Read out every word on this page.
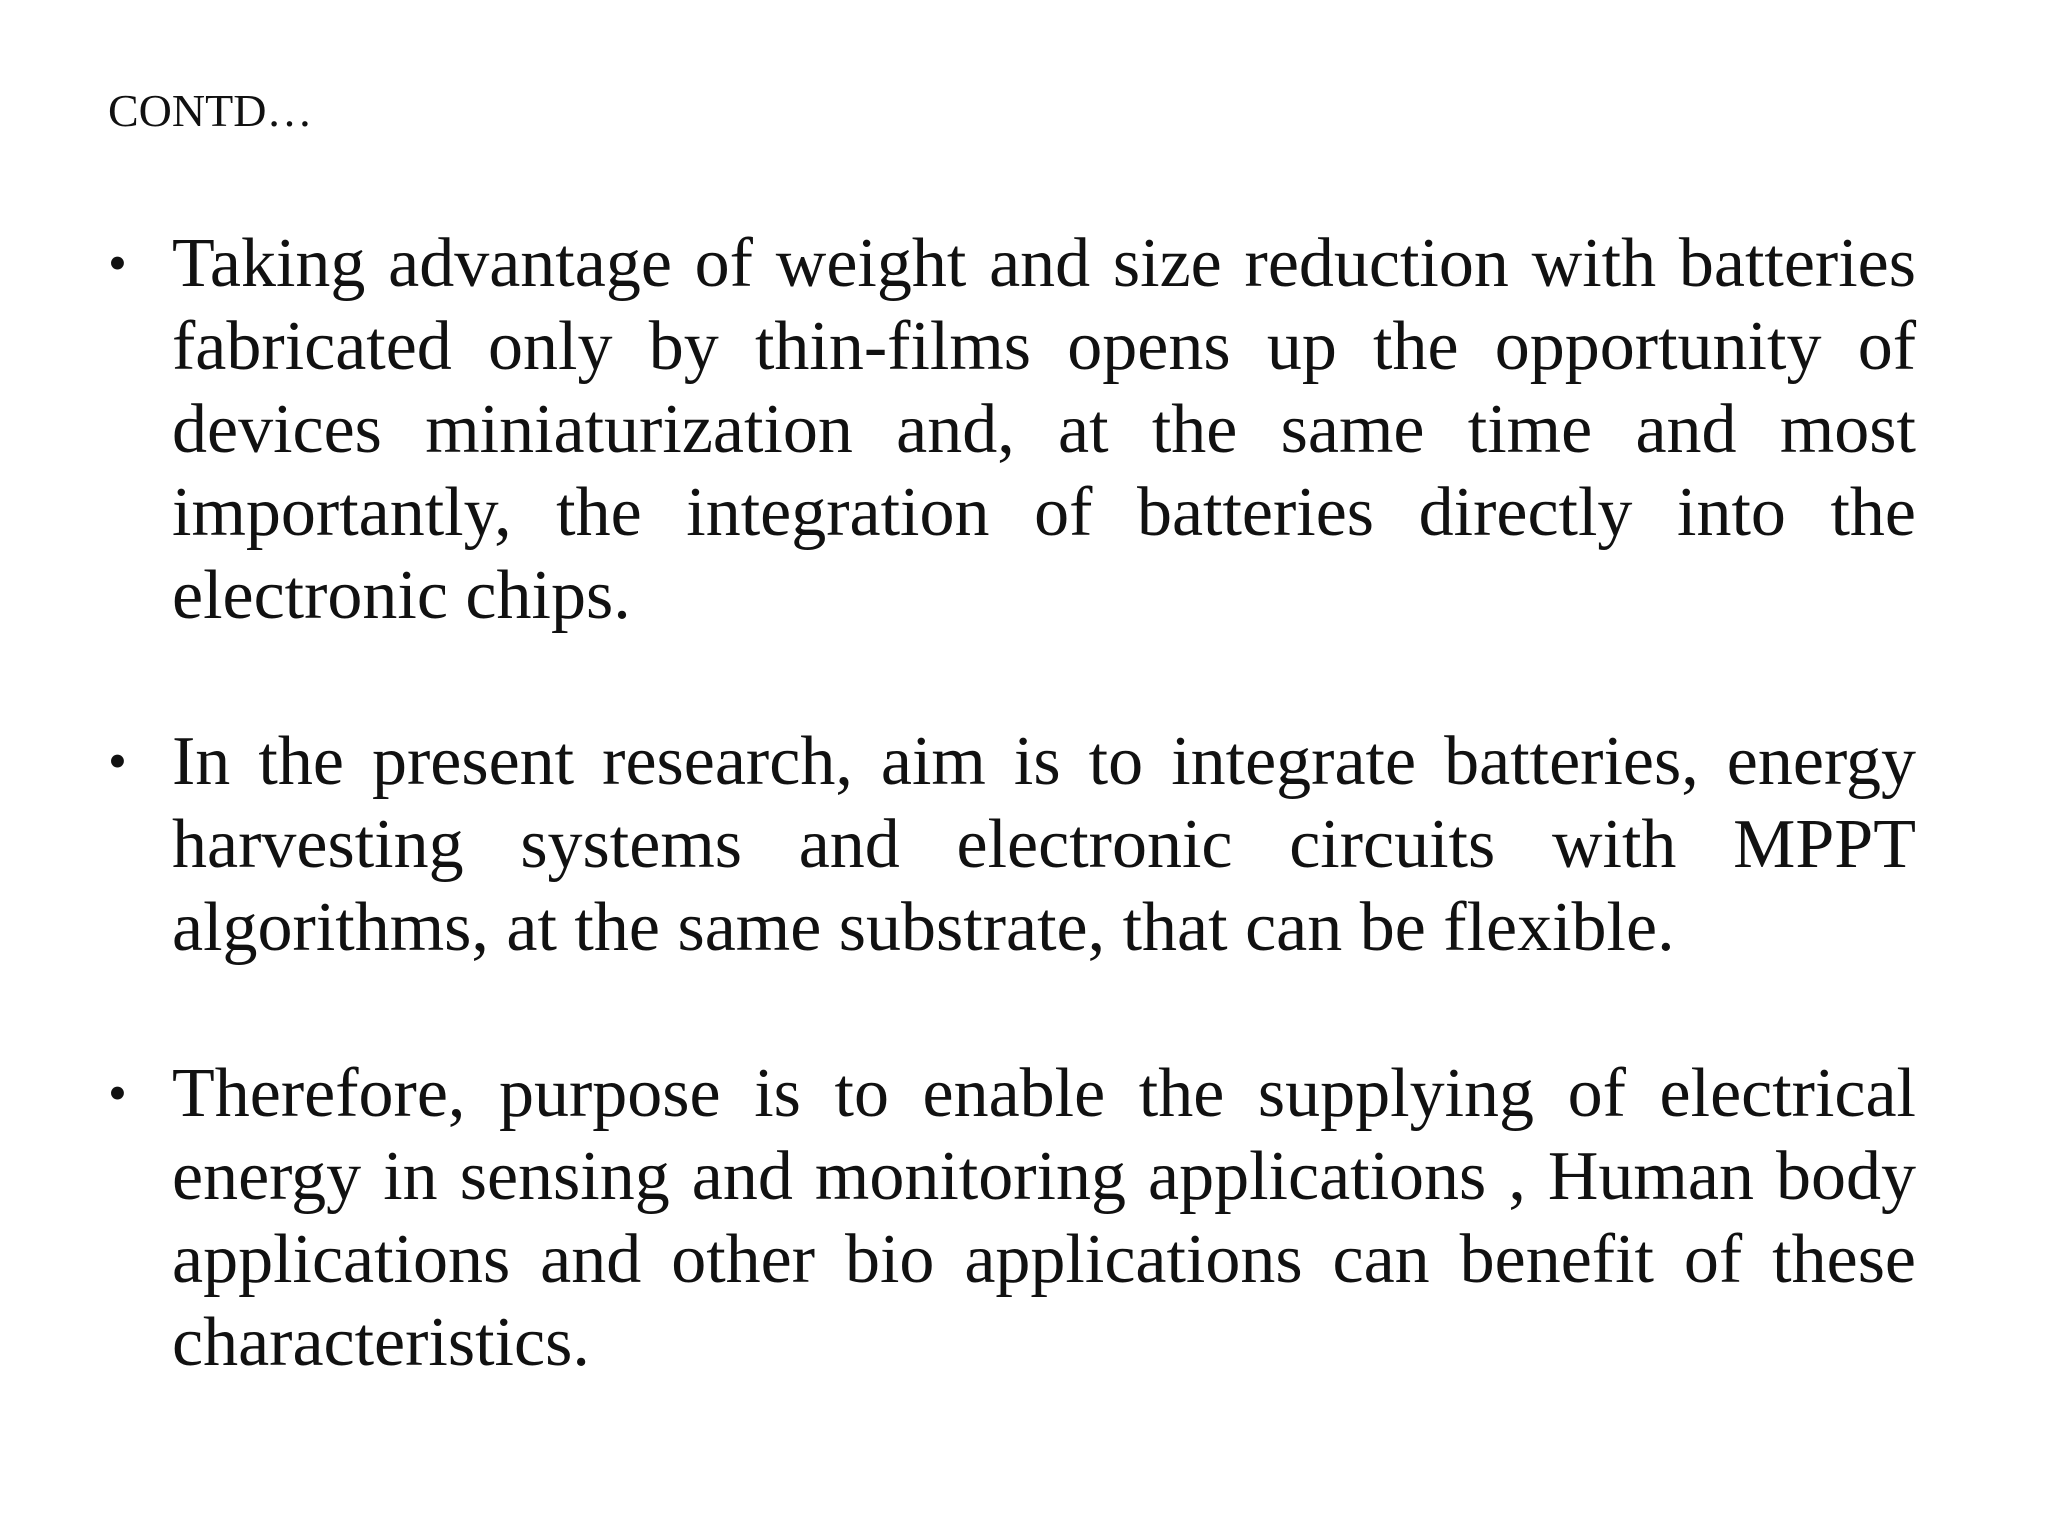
CONTD…
• Taking advantage of weight and size reduction with batteries fabricated only by thin-films opens up the opportunity of devices miniaturization and, at the same time and most importantly, the integration of batteries directly into the electronic chips.
• In the present research, aim is to integrate batteries, energy harvesting systems and electronic circuits with MPPT algorithms, at the same substrate, that can be flexible.
• Therefore, purpose is to enable the supplying of electrical energy in sensing and monitoring applications , Human body applications and other bio applications can benefit of these characteristics.
